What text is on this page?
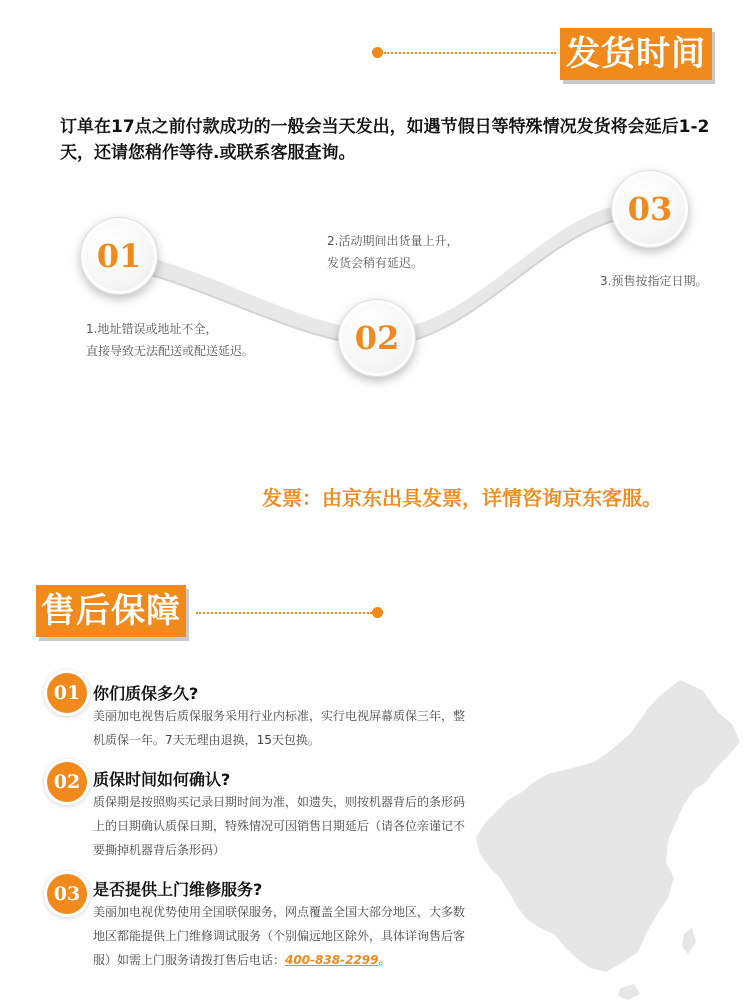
发货时间
订单在17点之前付款成功的一般会当天发出，如遇节假日等特殊情况发货将会延后1-2天，还请您稍作等待.或联系客服查询。
01
02
03
1.地址错误或地址不全，
直接导致无法配送或配送延迟。
2.活动期间出货量上升，
发货会稍有延迟。
3.预售按指定日期。
发票：由京东出具发票，详情咨询京东客服。
售后保障
01 你们质保多久?
美丽加电视售后质保服务采用行业内标准，实行电视屏幕质保三年，整机质保一年。7天无理由退换，15天包换。
02 质保时间如何确认?
质保期是按照购买记录日期时间为准，如遗失，则按机器背后的条形码上的日期确认质保日期，特殊情况可因销售日期延后（请各位亲谨记不要撕掉机器背后条形码）
03 是否提供上门维修服务?
美丽加电视优势使用全国联保服务，网点覆盖全国大部分地区，大多数地区都能提供上门维修调试服务（个别偏远地区除外，具体详询售后客服）如需上门服务请拨打售后电话：400-838-2299。
